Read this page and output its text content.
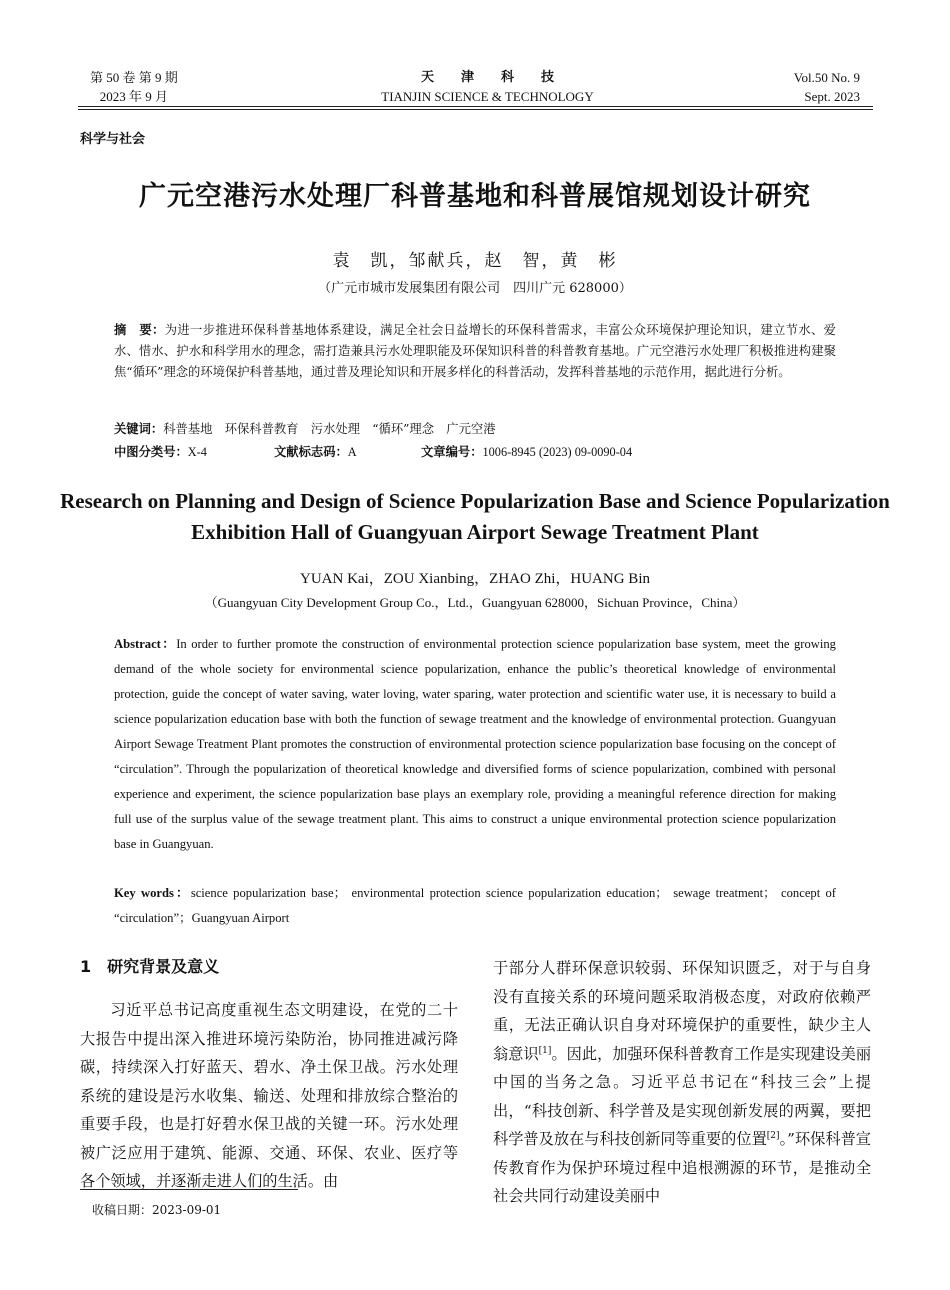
第 50 卷 第 9 期
2023 年 9 月
天津科技
TIANJIN SCIENCE & TECHNOLOGY
Vol.50 No. 9
Sept. 2023
科学与社会
广元空港污水处理厂科普基地和科普展馆规划设计研究
袁　凯，邹献兵，赵　智，黄　彬
（广元市城市发展集团有限公司　四川广元 628000）
摘　要：为进一步推进环保科普基地体系建设，满足全社会日益增长的环保科普需求，丰富公众环境保护理论知识，建立节水、爱水、惜水、护水和科学用水的理念，需打造兼具污水处理职能及环保知识科普的科普教育基地。广元空港污水处理厂积极推进构建聚焦“循环”理念的环境保护科普基地，通过普及理论知识和开展多样化的科普活动，发挥科普基地的示范作用，据此进行分析。
关键词：科普基地　环保科普教育　污水处理　“循环”理念　广元空港
中图分类号：X-4	文献标志码：A	文章编号：1006-8945 (2023) 09-0090-04
Research on Planning and Design of Science Popularization Base and Science Popularization Exhibition Hall of Guangyuan Airport Sewage Treatment Plant
YUAN Kai，ZOU Xianbing，ZHAO Zhi，HUANG Bin
（Guangyuan City Development Group Co.，Ltd.，Guangyuan 628000，Sichuan Province，China）
Abstract：In order to further promote the construction of environmental protection science popularization base system, meet the growing demand of the whole society for environmental science popularization, enhance the public’s theoretical knowledge of environmental protection, guide the concept of water saving, water loving, water sparing, water protection and scientific water use, it is necessary to build a science popularization education base with both the function of sewage treatment and the knowledge of environmental protection. Guangyuan Airport Sewage Treatment Plant promotes the construction of environmental protection science popularization base focusing on the concept of “circulation”. Through the popularization of theoretical knowledge and diversified forms of science popularization, combined with personal experience and experiment, the science popularization base plays an exemplary role, providing a meaningful reference direction for making full use of the surplus value of the sewage treatment plant. This aims to construct a unique environmental protection science popularization base in Guangyuan.
Key words：science popularization base； environmental protection science popularization education； sewage treatment； concept of “circulation”；Guangyuan Airport
1　研究背景及意义
习近平总书记高度重视生态文明建设，在党的二十大报告中提出深入推进环境污染防治，协同推进减污降碳，持续深入打好蓝天、碧水、净土保卫战。污水处理系统的建设是污水收集、输送、处理和排放综合整治的重要手段，也是打好碧水保卫战的关键一环。污水处理被广泛应用于建筑、能源、交通、环保、农业、医疗等各个领域，并逐渐走进人们的生活。由
于部分人群环保意识较弱、环保知识匮乏，对于与自身没有直接关系的环境问题采取消极态度，对政府依赖严重，无法正确认识自身对环境保护的重要性，缺少主人翁意识[1]。因此，加强环保科普教育工作是实现建设美丽中国的当务之急。习近平总书记在“科技三会”上提出，“科技创新、科学普及是实现创新发展的两翼，要把科学普及放在与科技创新同等重要的位置[2]。”环保科普宣传教育作为保护环境过程中追根溯源的环节，是推动全社会共同行动建设美丽中
收稿日期：2023-09-01
